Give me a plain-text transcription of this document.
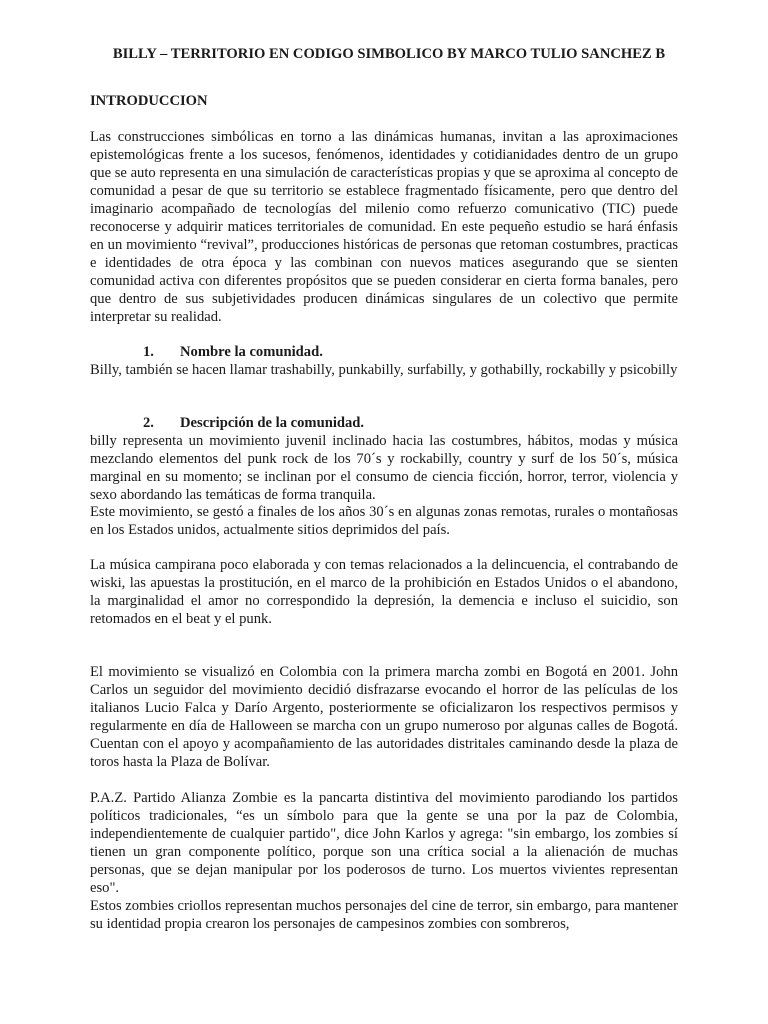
BILLY – TERRITORIO EN CODIGO SIMBOLICO BY MARCO TULIO SANCHEZ B
INTRODUCCION

Las construcciones simbólicas en torno a las dinámicas humanas, invitan a las aproximaciones epistemológicas frente a los sucesos, fenómenos, identidades y cotidianidades dentro de un grupo que se auto representa en una simulación de características propias y que se aproxima al concepto de comunidad a pesar de que su territorio se establece fragmentado físicamente, pero que dentro del imaginario acompañado de tecnologías del milenio como refuerzo comunicativo (TIC) puede reconocerse y adquirir matices territoriales de comunidad. En este pequeño estudio se hará énfasis en un movimiento “revival”, producciones históricas de personas que retoman costumbres, practicas e identidades de otra época y las combinan con nuevos matices asegurando que se sienten comunidad activa con diferentes propósitos que se pueden considerar en cierta forma banales, pero que dentro de sus subjetividades producen dinámicas singulares de un colectivo que permite interpretar su realidad.

1. Nombre la comunidad.

Billy, también se hacen llamar trashabilly, punkabilly, surfabilly, y gothabilly, rockabilly y psicobilly

2. Descripción de la comunidad.

billy representa un movimiento juvenil inclinado hacia las costumbres, hábitos, modas y música mezclando elementos del punk rock de los 70´s y rockabilly, country y surf de los 50´s, música marginal en su momento; se inclinan por el consumo de ciencia ficción, horror, terror, violencia y sexo abordando las temáticas de forma tranquila.

Este movimiento, se gestó a finales de los años 30´s en algunas zonas remotas, rurales o montañosas en los Estados unidos, actualmente sitios deprimidos del país.

La música campirana poco elaborada y con temas relacionados a la delincuencia, el contrabando de wiski, las apuestas la prostitución, en el marco de la prohibición en Estados Unidos o el abandono, la marginalidad el amor no correspondido la depresión, la demencia e incluso el suicidio, son retomados en el beat y el punk.

El movimiento se visualizó en Colombia con la primera marcha zombi en Bogotá en 2001. John Carlos un seguidor del movimiento decidió disfrazarse evocando el horror de las películas de los italianos Lucio Falca y Darío Argento, posteriormente se oficializaron los respectivos permisos y regularmente en día de Halloween se marcha con un grupo numeroso por algunas calles de Bogotá. Cuentan con el apoyo y acompañamiento de las autoridades distritales caminando desde la plaza de toros hasta la Plaza de Bolívar.

P.A.Z. Partido Alianza Zombie es la pancarta distintiva del movimiento parodiando los partidos políticos tradicionales, “es un símbolo para que la gente se una por la paz de Colombia, independientemente de cualquier partido", dice John Karlos y agrega: "sin embargo, los zombies sí tienen un gran componente político, porque son una crítica social a la alienación de muchas personas, que se dejan manipular por los poderosos de turno. Los muertos vivientes representan eso".

Estos zombies criollos representan muchos personajes del cine de terror, sin embargo, para mantener su identidad propia crearon los personajes de campesinos zombies con sombreros,
